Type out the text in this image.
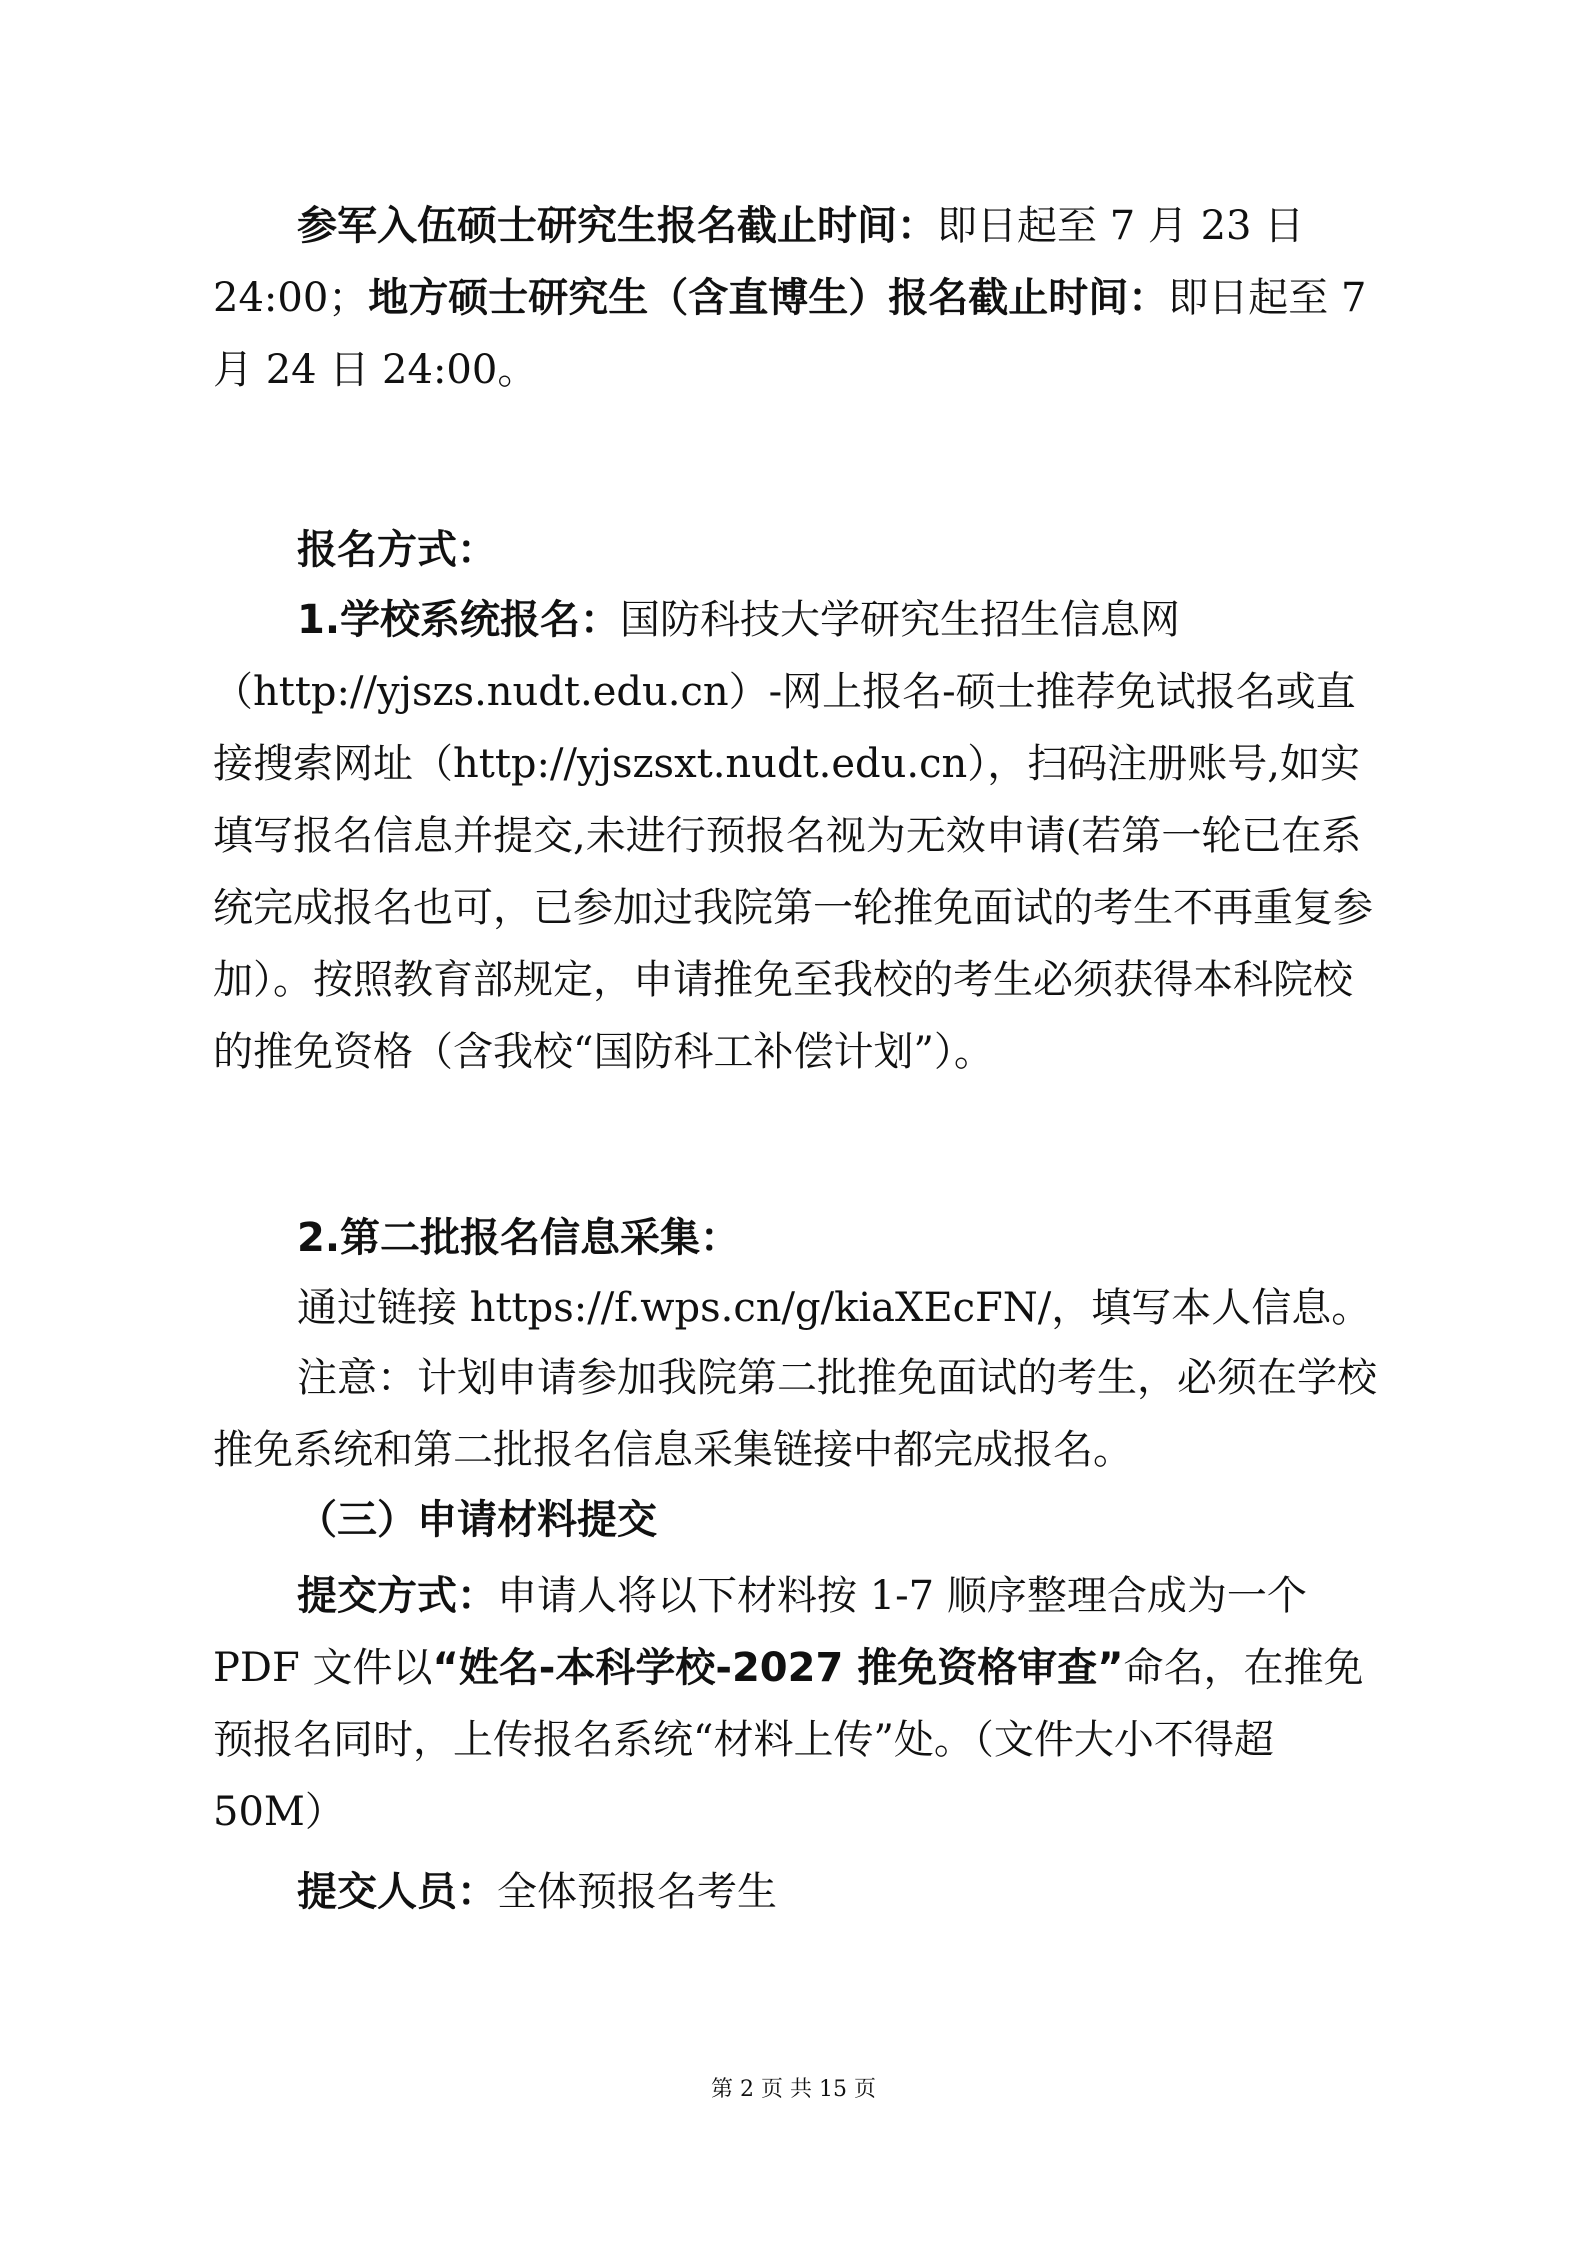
参军入伍硕士研究生报名截止时间：即日起至 7 月 23 日 24:00；地方硕士研究生（含直博生）报名截止时间：即日起至 7 月 24 日 24:00。

报名方式：

1.学校系统报名：国防科技大学研究生招生信息网（http://yjszs.nudt.edu.cn）-网上报名-硕士推荐免试报名或直接搜索网址（http://yjszsxt.nudt.edu.cn），扫码注册账号,如实填写报名信息并提交,未进行预报名视为无效申请(若第一轮已在系统完成报名也可，已参加过我院第一轮推免面试的考生不再重复参加）。按照教育部规定，申请推免至我校的考生必须获得本科院校的推免资格（含我校“国防科工补偿计划”）。

2.第二批报名信息采集：

通过链接 https://f.wps.cn/g/kiaXEcFN/，填写本人信息。

注意：计划申请参加我院第二批推免面试的考生，必须在学校推免系统和第二批报名信息采集链接中都完成报名。

（三）申请材料提交

提交方式：申请人将以下材料按 1-7 顺序整理合成为一个 PDF 文件以“姓名-本科学校-2027 推免资格审查”命名，在推免预报名同时，上传报名系统“材料上传”处。（文件大小不得超 50M）

提交人员：全体预报名考生

第 2 页 共 15 页
